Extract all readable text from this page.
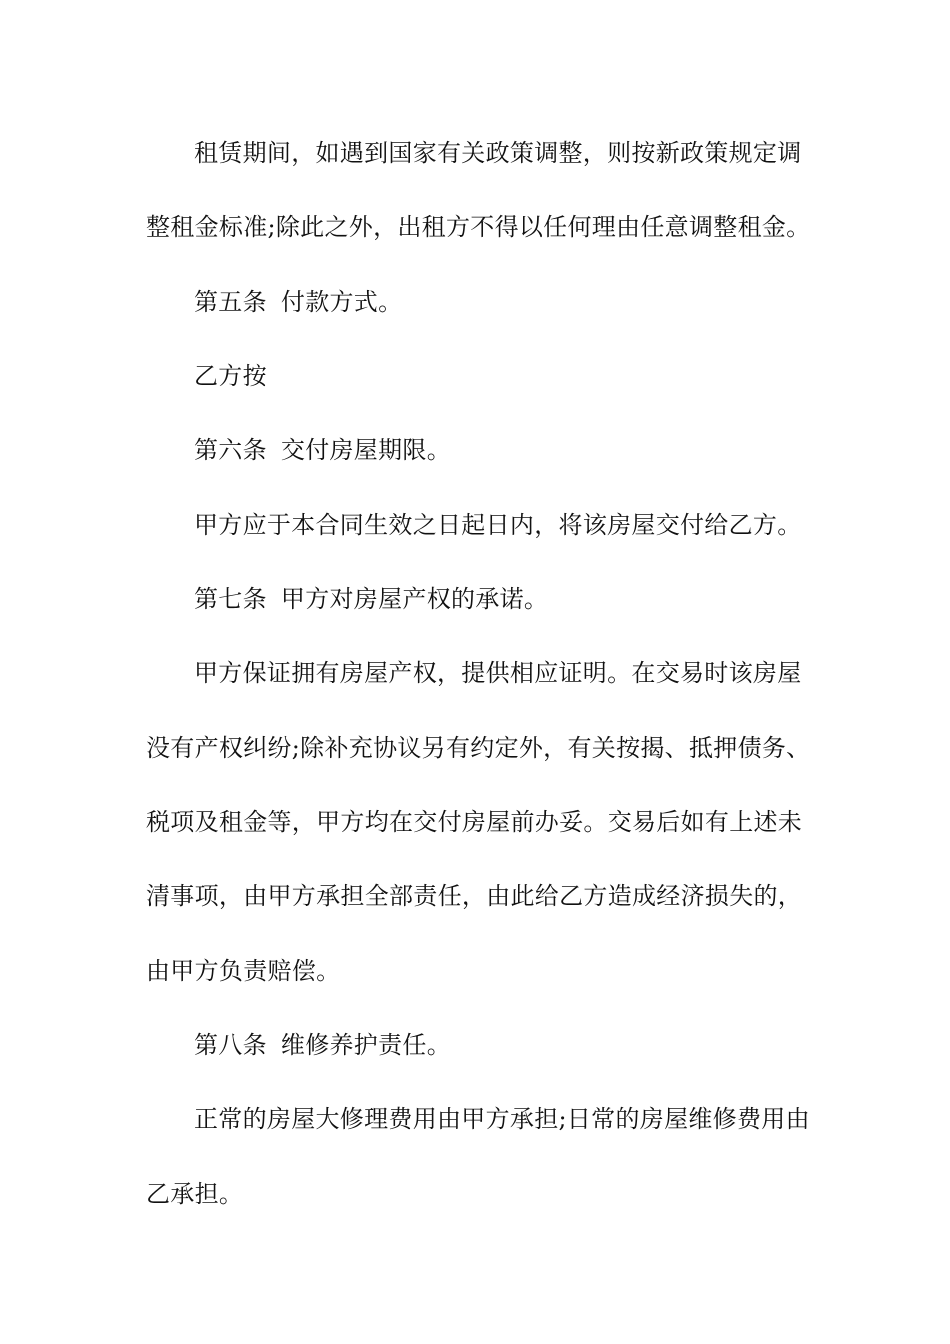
租赁期间，如遇到国家有关政策调整，则按新政策规定调
整租金标准;除此之外，出租方不得以任何理由任意调整租金。
第五条 付款方式。
乙方按
第六条 交付房屋期限。
甲方应于本合同生效之日起日内，将该房屋交付给乙方。
第七条 甲方对房屋产权的承诺。
甲方保证拥有房屋产权，提供相应证明。在交易时该房屋
没有产权纠纷;除补充协议另有约定外，有关按揭、抵押债务、
税项及租金等，甲方均在交付房屋前办妥。交易后如有上述未
清事项，由甲方承担全部责任，由此给乙方造成经济损失的，
由甲方负责赔偿。
第八条 维修养护责任。
正常的房屋大修理费用由甲方承担;日常的房屋维修费用由
乙承担。
